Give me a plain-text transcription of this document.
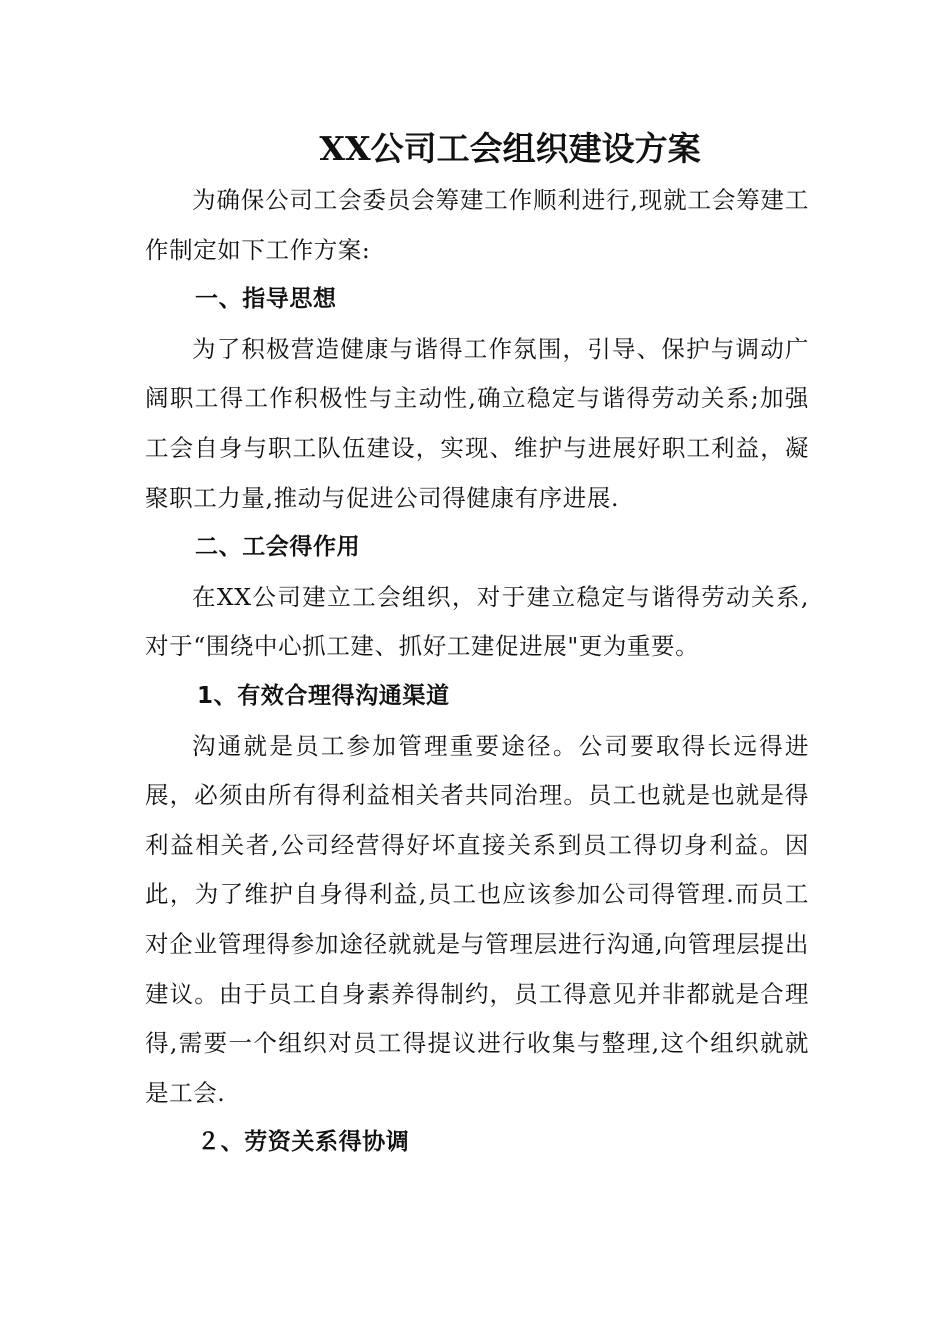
XX公司工会组织建设方案

为确保公司工会委员会筹建工作顺利进行,现就工会筹建工作制定如下工作方案:

一、指导思想

为了积极营造健康与谐得工作氛围，引导、保护与调动广阔职工得工作积极性与主动性,确立稳定与谐得劳动关系;加强工会自身与职工队伍建设，实现、维护与进展好职工利益，凝聚职工力量,推动与促进公司得健康有序进展.

二、工会得作用

在XX公司建立工会组织，对于建立稳定与谐得劳动关系,对于“围绕中心抓工建、抓好工建促进展"更为重要。

1、有效合理得沟通渠道

沟通就是员工参加管理重要途径。公司要取得长远得进展，必须由所有得利益相关者共同治理。员工也就是也就是得利益相关者,公司经营得好坏直接关系到员工得切身利益。因此，为了维护自身得利益,员工也应该参加公司得管理.而员工对企业管理得参加途径就就是与管理层进行沟通,向管理层提出建议。由于员工自身素养得制约，员工得意见并非都就是合理得,需要一个组织对员工得提议进行收集与整理,这个组织就就是工会.

２、劳资关系得协调
